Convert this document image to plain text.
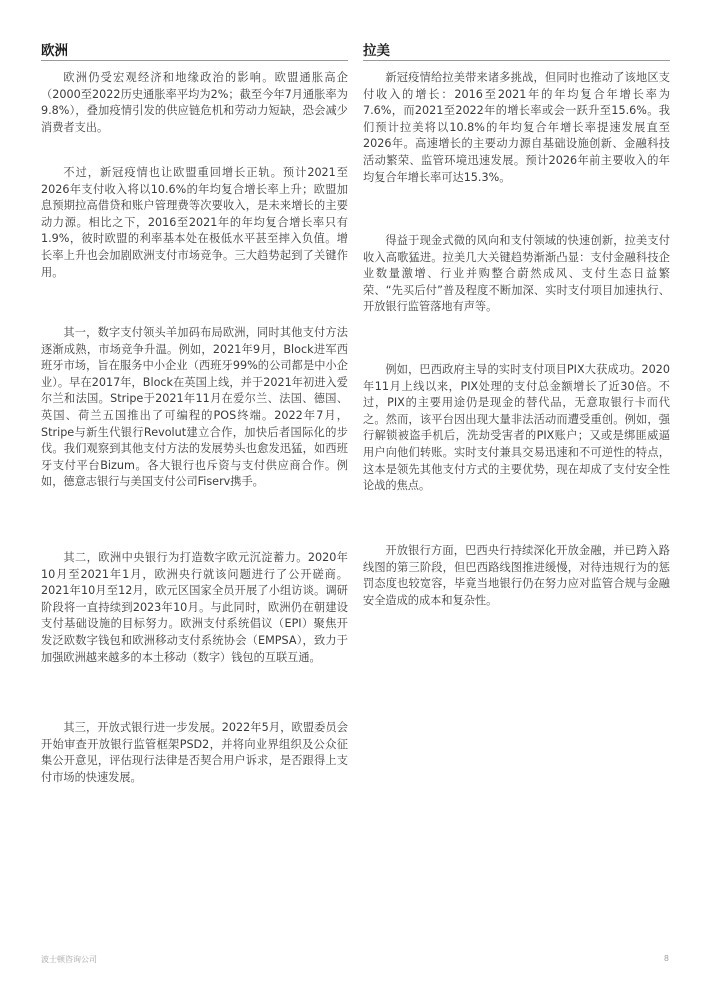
欧洲

欧洲仍受宏观经济和地缘政治的影响。欧盟通胀高企（2000至2022历史通胀率平均为2%；截至今年7月通胀率为9.8%），叠加疫情引发的供应链危机和劳动力短缺，恐会减少消费者支出。

不过，新冠疫情也让欧盟重回增长正轨。预计2021至2026年支付收入将以10.6%的年均复合增长率上升；欧盟加息预期拉高借贷和账户管理费等次要收入，是未来增长的主要动力源。相比之下，2016至2021年的年均复合增长率只有1.9%，彼时欧盟的利率基本处在极低水平甚至摔入负值。增长率上升也会加剧欧洲支付市场竞争。三大趋势起到了关键作用。

其一，数字支付领头羊加码布局欧洲，同时其他支付方法逐渐成熟，市场竞争升温。例如，2021年9月，Block进军西班牙市场，旨在服务中小企业（西班牙99%的公司都是中小企业）。早在2017年，Block在英国上线，并于2021年初进入爱尔兰和法国。Stripe于2021年11月在爱尔兰、法国、德国、英国、荷兰五国推出了可编程的POS终端。2022年7月，Stripe与新生代银行Revolut建立合作，加快后者国际化的步伐。我们观察到其他支付方法的发展势头也愈发迅猛，如西班牙支付平台Bizum。各大银行也斥资与支付供应商合作。例如，德意志银行与美国支付公司Fiserv携手。

其二，欧洲中央银行为打造数字欧元沉淀蓄力。2020年10月至2021年1月，欧洲央行就该问题进行了公开磋商。2021年10月至12月，欧元区国家全员开展了小组访谈。调研阶段将一直持续到2023年10月。与此同时，欧洲仍在朝建设支付基础设施的目标努力。欧洲支付系统倡议（EPI）聚焦开发泛欧数字钱包和欧洲移动支付系统协会（EMPSA），致力于加强欧洲越来越多的本土移动（数字）钱包的互联互通。

其三，开放式银行进一步发展。2022年5月，欧盟委员会开始审查开放银行监管框架PSD2，并将向业界组织及公众征集公开意见，评估现行法律是否契合用户诉求，是否跟得上支付市场的快速发展。

拉美

新冠疫情给拉美带来诸多挑战，但同时也推动了该地区支付收入的增长：2016至2021年的年均复合年增长率为7.6%，而2021至2022年的增长率或会一跃升至15.6%。我们预计拉美将以10.8%的年均复合年增长率提速发展直至2026年。高速增长的主要动力源自基础设施创新、金融科技活动繁荣、监管环境迅速发展。预计2026年前主要收入的年均复合年增长率可达15.3%。

得益于现金式微的风向和支付领域的快速创新，拉美支付收入高歌猛进。拉美几大关键趋势渐渐凸显：支付金融科技企业数量激增、行业并购整合蔚然成风、支付生态日益繁荣、“先买后付”普及程度不断加深、实时支付项目加速执行、开放银行监管落地有声等。

例如，巴西政府主导的实时支付项目PIX大获成功。2020年11月上线以来，PIX处理的支付总金额增长了近30倍。不过，PIX的主要用途仍是现金的替代品，无意取银行卡而代之。然而，该平台因出现大量非法活动而遭受重创。例如，强行解锁被盗手机后，洗劫受害者的PIX账户；又或是绑匪威逼用户向他们转账。实时支付兼具交易迅速和不可逆性的特点，这本是领先其他支付方式的主要优势，现在却成了支付安全性论战的焦点。

开放银行方面，巴西央行持续深化开放金融，并已跨入路线图的第三阶段，但巴西路线图推进缓慢，对待违规行为的惩罚态度也较宽容，毕竟当地银行仍在努力应对监管合规与金融安全造成的成本和复杂性。

波士顿咨询公司	8
